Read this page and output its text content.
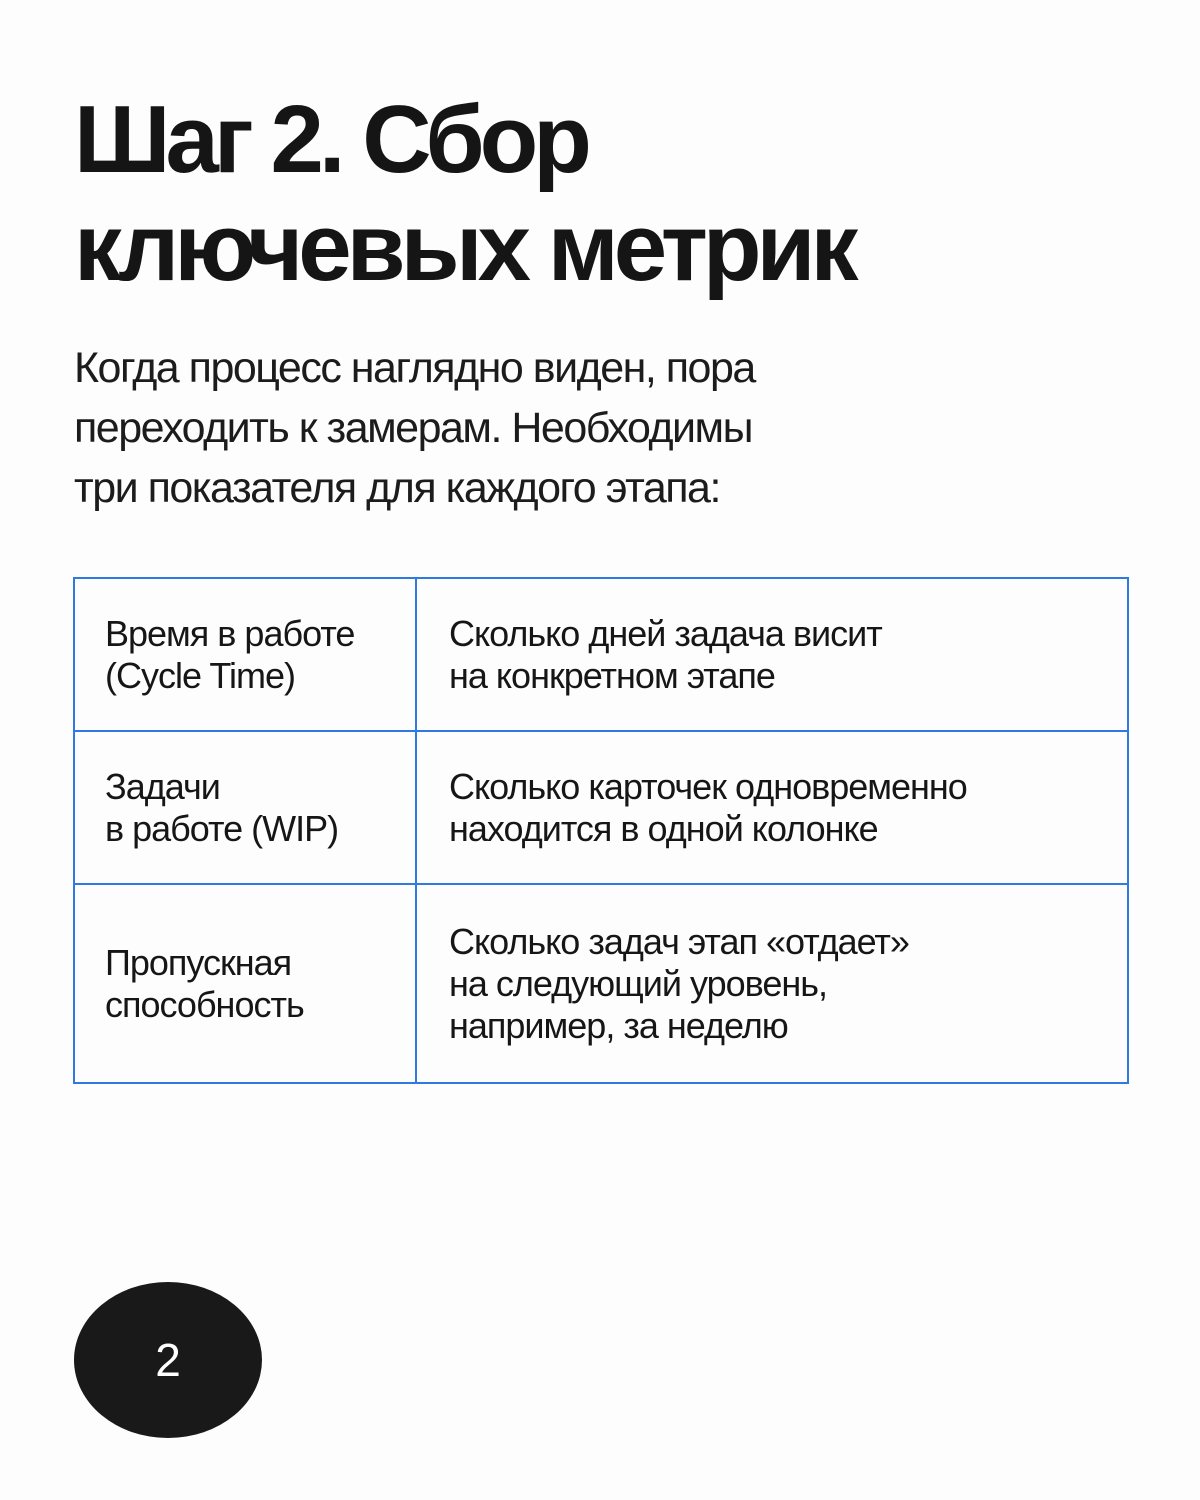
Шаг 2. Сбор
ключевых метрик

Когда процесс наглядно виден, пора
переходить к замерам. Необходимы
три показателя для каждого этапа:

Время в работе
(Cycle Time)	Сколько дней задача висит
на конкретном этапе

Задачи
в работе (WIP)	Сколько карточек одновременно
находится в одной колонке

Пропускная
способность	Сколько задач этап «отдает»
на следующий уровень,
например, за неделю
2
